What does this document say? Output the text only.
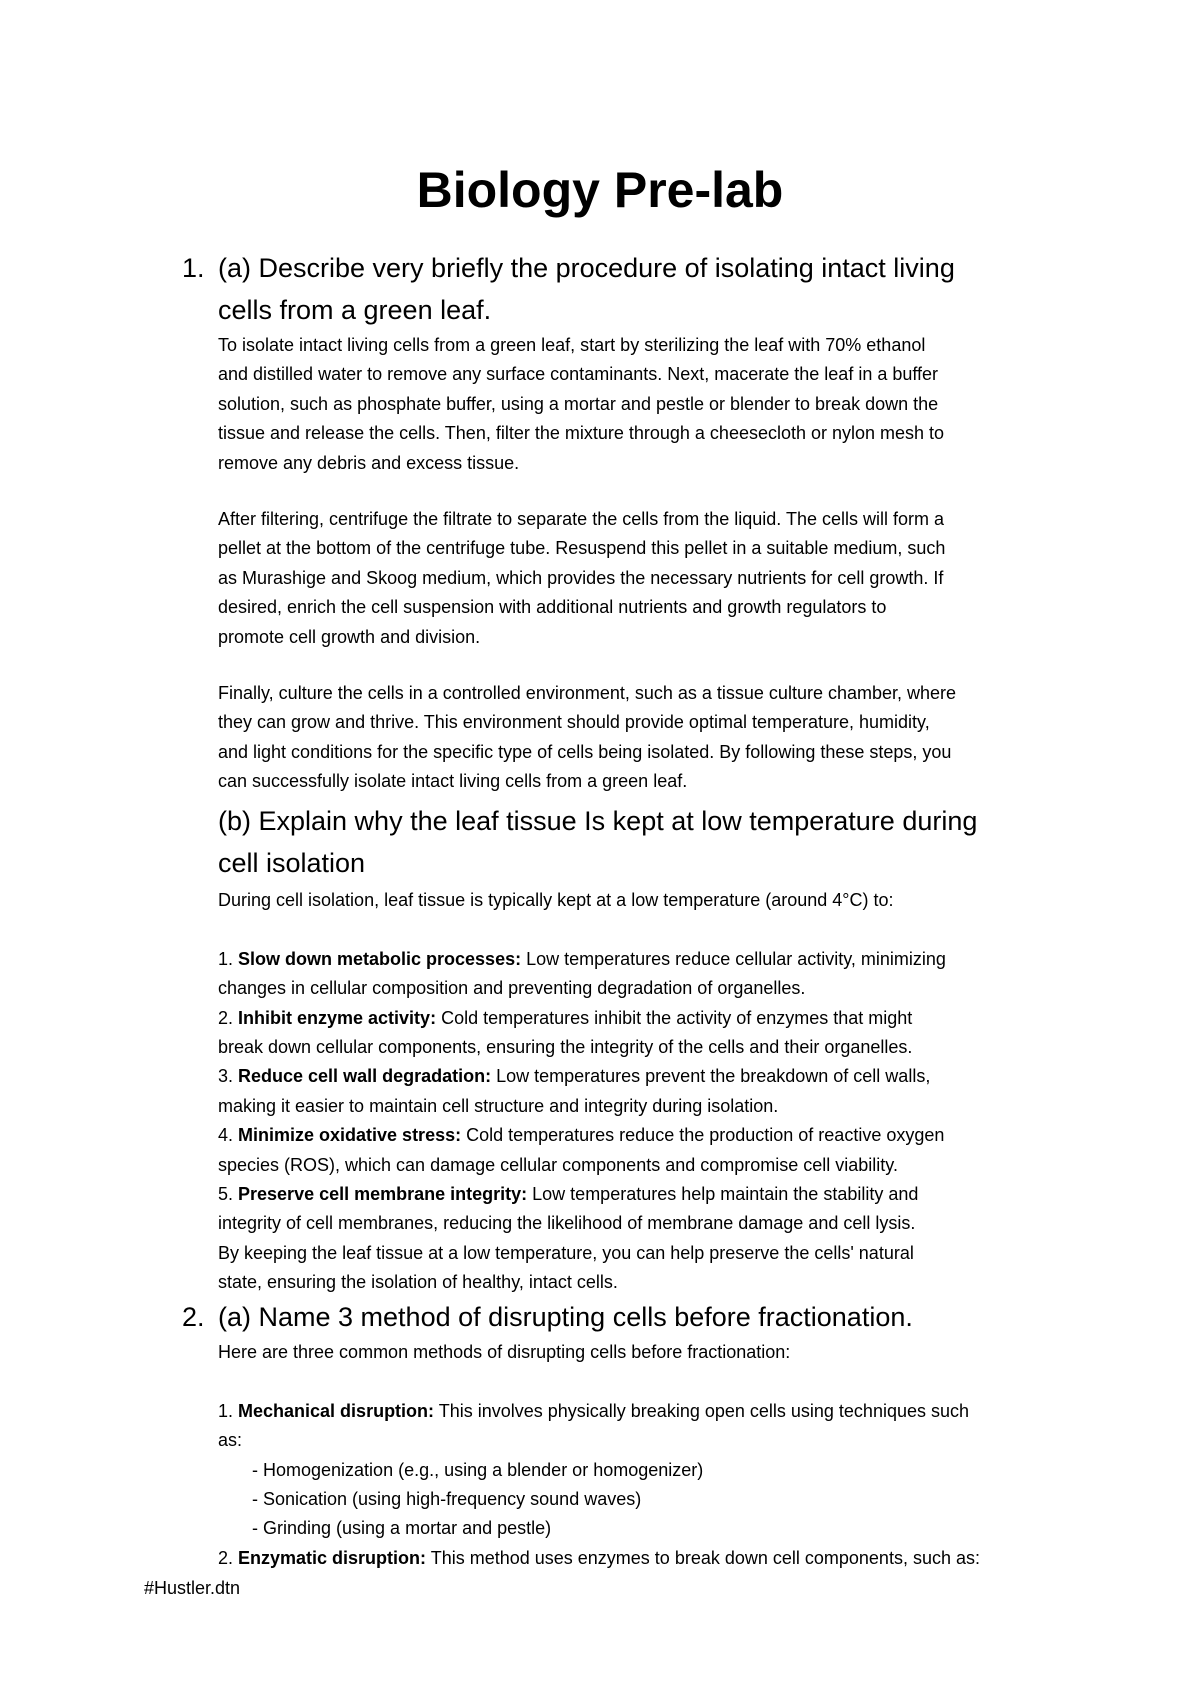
Biology Pre-lab
1. (a) Describe very briefly the procedure of isolating intact living
cells from a green leaf.
To isolate intact living cells from a green leaf, start by sterilizing the leaf with 70% ethanol
and distilled water to remove any surface contaminants. Next, macerate the leaf in a buffer
solution, such as phosphate buffer, using a mortar and pestle or blender to break down the
tissue and release the cells. Then, filter the mixture through a cheesecloth or nylon mesh to
remove any debris and excess tissue.
After filtering, centrifuge the filtrate to separate the cells from the liquid. The cells will form a
pellet at the bottom of the centrifuge tube. Resuspend this pellet in a suitable medium, such
as Murashige and Skoog medium, which provides the necessary nutrients for cell growth. If
desired, enrich the cell suspension with additional nutrients and growth regulators to
promote cell growth and division.
Finally, culture the cells in a controlled environment, such as a tissue culture chamber, where
they can grow and thrive. This environment should provide optimal temperature, humidity,
and light conditions for the specific type of cells being isolated. By following these steps, you
can successfully isolate intact living cells from a green leaf.
(b) Explain why the leaf tissue Is kept at low temperature during
cell isolation
During cell isolation, leaf tissue is typically kept at a low temperature (around 4°C) to:

1. Slow down metabolic processes: Low temperatures reduce cellular activity, minimizing
changes in cellular composition and preventing degradation of organelles.
2. Inhibit enzyme activity: Cold temperatures inhibit the activity of enzymes that might
break down cellular components, ensuring the integrity of the cells and their organelles.
3. Reduce cell wall degradation: Low temperatures prevent the breakdown of cell walls,
making it easier to maintain cell structure and integrity during isolation.
4. Minimize oxidative stress: Cold temperatures reduce the production of reactive oxygen
species (ROS), which can damage cellular components and compromise cell viability.
5. Preserve cell membrane integrity: Low temperatures help maintain the stability and
integrity of cell membranes, reducing the likelihood of membrane damage and cell lysis.
By keeping the leaf tissue at a low temperature, you can help preserve the cells' natural
state, ensuring the isolation of healthy, intact cells.
2. (a) Name 3 method of disrupting cells before fractionation.
Here are three common methods of disrupting cells before fractionation:

1. Mechanical disruption: This involves physically breaking open cells using techniques such
as:
- Homogenization (e.g., using a blender or homogenizer)
- Sonication (using high-frequency sound waves)
- Grinding (using a mortar and pestle)
2. Enzymatic disruption: This method uses enzymes to break down cell components, such as:
#Hustler.dtn
